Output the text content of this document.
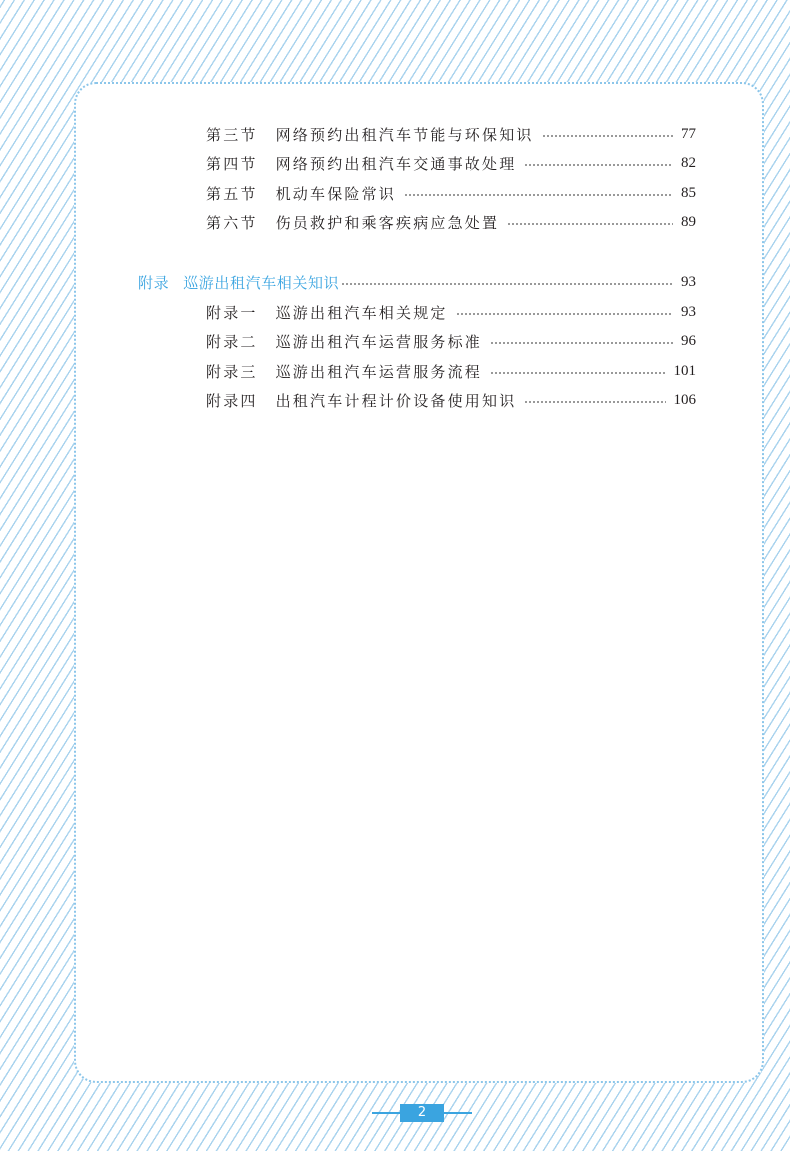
第三节 网络预约出租汽车节能与环保知识	77
第四节 网络预约出租汽车交通事故处理	82
第五节 机动车保险常识	85
第六节 伤员救护和乘客疾病应急处置	89
附录 巡游出租汽车相关知识	93
附录一 巡游出租汽车相关规定	93
附录二 巡游出租汽车运营服务标准	96
附录三 巡游出租汽车运营服务流程	101
附录四 出租汽车计程计价设备使用知识	106
2
